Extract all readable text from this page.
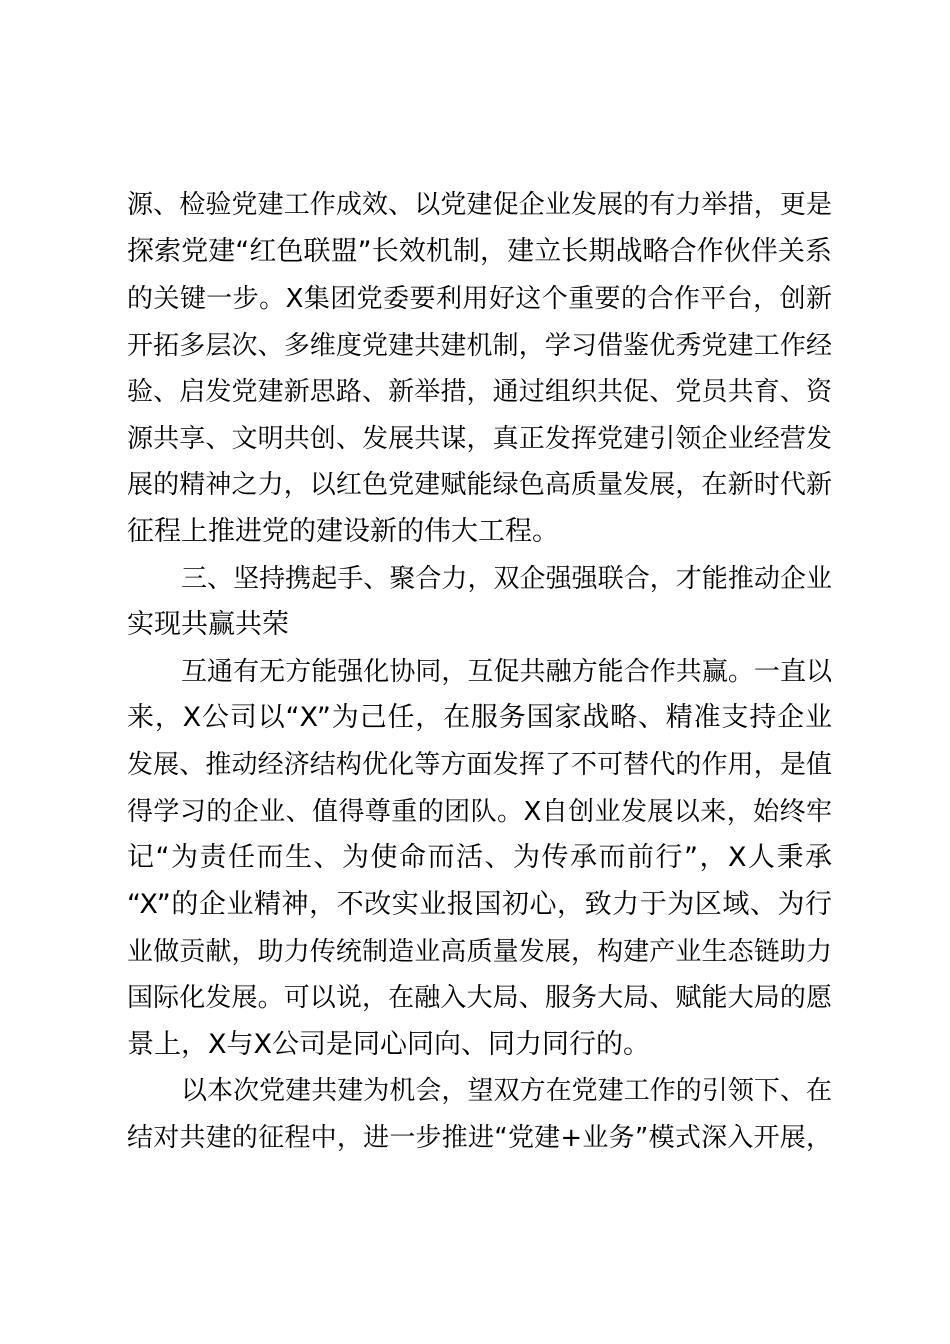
源、检验党建工作成效、以党建促企业发展的有力举措，更是
探索党建“红色联盟”长效机制，建立长期战略合作伙伴关系
的关键一步。X集团党委要利用好这个重要的合作平台，创新
开拓多层次、多维度党建共建机制，学习借鉴优秀党建工作经
验、启发党建新思路、新举措，通过组织共促、党员共育、资
源共享、文明共创、发展共谋，真正发挥党建引领企业经营发
展的精神之力，以红色党建赋能绿色高质量发展，在新时代新
征程上推进党的建设新的伟大工程。
三、坚持携起手、聚合力，双企强强联合，才能推动企业
实现共赢共荣
互通有无方能强化协同，互促共融方能合作共赢。一直以
来，X公司以“X”为己任，在服务国家战略、精准支持企业
发展、推动经济结构优化等方面发挥了不可替代的作用，是值
得学习的企业、值得尊重的团队。X自创业发展以来，始终牢
记“为责任而生、为使命而活、为传承而前行”，X人秉承
“X”的企业精神，不改实业报国初心，致力于为区域、为行
业做贡献，助力传统制造业高质量发展，构建产业生态链助力
国际化发展。可以说，在融入大局、服务大局、赋能大局的愿
景上，X与X公司是同心同向、同力同行的。
以本次党建共建为机会，望双方在党建工作的引领下、在
结对共建的征程中，进一步推进“党建+业务”模式深入开展，
